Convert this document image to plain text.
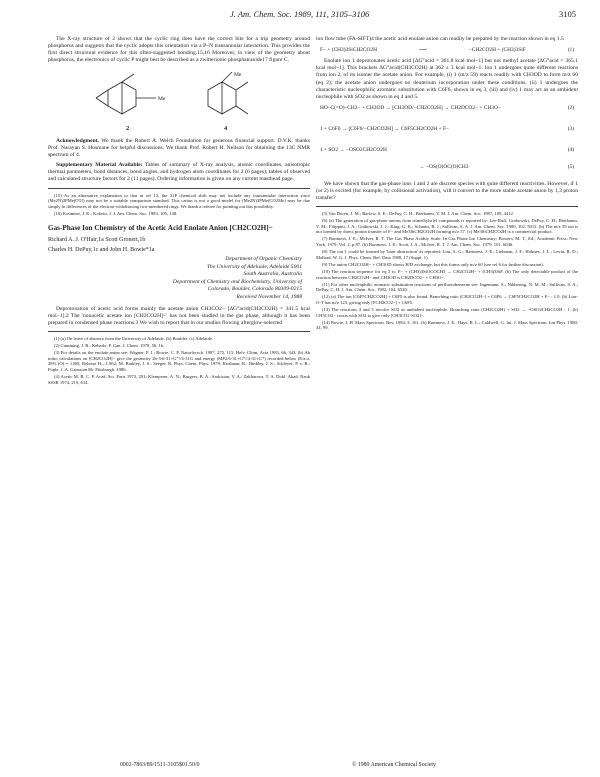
J. Am. Chem. Soc. 1989, 111, 3105–3106	3105

The X-ray structure of 2 shows that the cyclic ring does have the correct bite for a trip geometry around phosphorus and suggests that the cyclic adopts this orientation via a P–N transannular interaction. This provides the first direct structural evidence for this often-suggested bonding.15,16 Moreover, in view of the geometry about phosphorus, the electronics of cyclic P might best be described as a zwitterionic phosphatranide17 figure C.

Me
2
Me
4

Acknowledgment. We thank the Robert A. Welch Foundation for generous financial support. D.V.K. thanks Prof. Narayan S. Hosmane for helpful discussions. We thank Prof. Robert H. Neilson for obtaining the 13C NMR spectrum of 4.

Supplementary Material Available: Tables of summary of X-ray analysis, atomic coordinates, anisotropic thermal parameters, bond distances, bond angles, and hydrogen atom coordinates for 2 (6 pages); tables of observed and calculated structure factors for 2 (11 pages). Ordering information is given on any current masthead page.

(15) As an alternative explanation to that in ref 13, the 31P chemical shift may not include any transannular interaction since (Me2N)3PMe(OTf) may not be a suitable comparison standard. This cation is not a good model for (Me2N)3PMe(CO2Me) may be due simply to differences of the electron-withdrawing two-membered rings. We thank a referee for pointing out this possibility.

(16) Koumine, J. K.; Koketu, J. J. Am. Chem. Soc. 1983, 105, 148.

Gas-Phase Ion Chemistry of the Acetic Acid Enolate Anion [CH2CO2H]−
Richard A. J. O'Hair,1a Scott Gronert,1b
Charles H. DePuy,1c and John H. Bowie*1a
Department of Organic Chemistry
The University of Adelaide, Adelaide 5001
South Australia, Australia
Department of Chemistry and Biochemistry, University of
Colorado, Boulder, Colorado 80309-0215
Received November 14, 1988

Deprotonation of acetic acid forms mainly the acetate anion CH3CO2− [ΔG°acid(CH3CO2H) = 341.5 kcal mol−1].2 The 'nonacetic acetate ion [CH2CO2H]−' has not been studied in the gas phase, although it has been prepared in condensed phase reactions.3 We wish to report that in our studies flowing afterglow-selected

(1) (a) On leave of absence from the University of Adelaide. (b) Boulder. (c) Adelaide.

(2) Cumming, J. B.; Kebarle, P. Can. J. Chem. 1978, 56, 1b.

(3) For details on the enolate anion see: Wagner, P. J.; Bowie, C. P. Naturforsch. 1987, 275, 115; Helv. Chim. Acta 1983, 66, 343. (b) Ab initio calculations on [CH2CO2H]− give the geometry 2b-3-6-31+G*//4-31G and energy (MP2/6-31+G*//4-31+G*) recorded below (E/a.u. 28% (O) = 1.88). Release H—1.862; M. Binkley, J. S.; Seeger, R. Phys. Chem. Phys. 1979; Krishnan, R.; Binkley, J. S.; Schleyer, P. v. R.; Pople, J. A. Gaussian 86; Pittsburgh, 1986.

(4) Acetic M. B. C. P. Acad. Sci. Paris 1973, 291; Klemperer, A. N.; Burgers, B. A.; Sarkisian, V. A.; Zakharova, T. A. Dokl. Akad. Nauk SSSR 1974, 219, 614.

ion flow tube (FA-SIFT)4 the acetic acid enolate anion can readily be prepared by the reaction shown in eq 1.5

F− + (CH3)3SiCH2CO2H	⟶	−CH2CO2H + (CH3)3SiF	(1)

Enolate ion 1 deprotonates acetic acid [ΔG°acid = 361.8 kcal mol−1] but not methyl acetate [ΔG°acid = 365.1 kcal mol−1]. This brackets ΔG°acid(CH3CO2H) at 362 ± 3 kcal mol−1. Ion 1 undergoes quite different reactions from ion 2, of its isomer the acetate anion. For example, (i) 1 (m/z 59) reacts readily with CH3OD to form m/z 60 (eq 2); the acetate anion undergoes no deuterium incorporation under these conditions. (ii) 1 undergoes the characteristic nucleophilic aromatic substitution with C6F6, shown in eq 3, (iii) and (iv) 1 may act as an ambident nucleophile with SO2 as shown in eq 4 and 5.

HO–C(=O)–CH2− + CH3OD → [CH3OD/−CH2CO2H] → CH2DCO2− + CH3O−	(2)
1 + C6F6 → [C6F6/−CH2CO2H] → C6F5CH2CO2H + F−	(3)
1 + SO2 → −OSO2CH2CO2H	(4)
→ −OS(O)OC(O)CH3	(5)

We have shown that the gas-phase ions 1 and 2 are discrete species with quite different reactivities. However, if 1 (or 2) is excited (for example, by collisional activation), will it convert to the more stable acetate anion by 1,3 proton transfer?

(5) Van Doren, J. M.; Barlow, S. E.; DePuy, C. H.; Bierbaum, V. M. J. Am. Chem. Soc. 1987, 109, 4412.

(6) (a) The generation of gas-phase anions from trimethylsilyl compounds is reported by: Lee-Ruff, Grabowski, DePuy, C. H.; Bierbaum, V. M.; Filippini, J. A.; Grabowski, J. J.; King, G. K.; Schmitt, R. J.; Sullivan, S. A. J. Am. Chem. Soc. 1980, 102, 5012. (b) The m/z 59 ion is not formed by direct proton transfer of F− and Me3SiCH2CO2H forming m/z 57. (c) Me3SiCH2CO2H is a commercial product.

(7) Bartmess, J. E.; McIver, R. T. The Gas Phase Acidity Scale. In Gas Phase Ion Chemistry; Bowers, M. T., Ed.; Academic Press: New York, 1979; Vol. 2, p 87. (b) Bartmess, J. E.; Scott, J. A.; McIver, R. T. J. Am. Chem. Soc. 1979, 101, 6046.

(8) The ion 1 could be formed by 'base abstraction' as reported: Lias, S. G.; Bartmess, J. E.; Liebman, J. F.; Holmes, J. L.; Levin, R. D.; Mallard, W. G. J. Phys. Chem. Ref. Data 1988, 17 (Suppl. 1).

(9) The anion CH2CO2H− + CH3OD shows H/D exchange, but this forms only m/z 60 (see ref 6 for further discussion).

(10) The reaction sequence for eq 3 is: F− + (CH3)3SiOCOCH3 → CH2CO2H− + (CH3)3SiF. (b) The only detectable product of the reaction between CH2CO2H− and CH3OD is CH2DCO2− + CH3O−.

(11) For other nucleophilic aromatic substitution reactions of perfluorobenzene see: Ingemann, S.; Nibbering, N. M. M.; Sullivan, S. A.; DePuy, C. H. J. Am. Chem. Soc. 1982, 104, 6520.

(12) (a) The ion [C6F5CH2CO2H] + C6F5 is also found. Branching ratio (CH2CO2H−) + C6F6 → C6F5CH2CO2H + F− : 1.0. (b) Lias-O-T has m/z 123, giving only [FCH2CO2−] + C6F5.

(13) The reactions 4 and 5 involve SO2 as ambident nucleophile. Branching ratio (CH2CO2H) + SO2 → −OSO2CH2CO2H : 1. (b) CH3CO2− reacts with SO2 to give only [CH3CO2·SO2]−.

(14) Bowie, J. H. Mass Spectrom. Rev. 1984, 3, 161. (b) Bartmess, J. E.; Hays, R. L.; Caldwell, G. Int. J. Mass Spectrom. Ion Phys. 1980, 34, 99.

0002-7863/89/1511-3105$01.50/0	© 1989 American Chemical Society
